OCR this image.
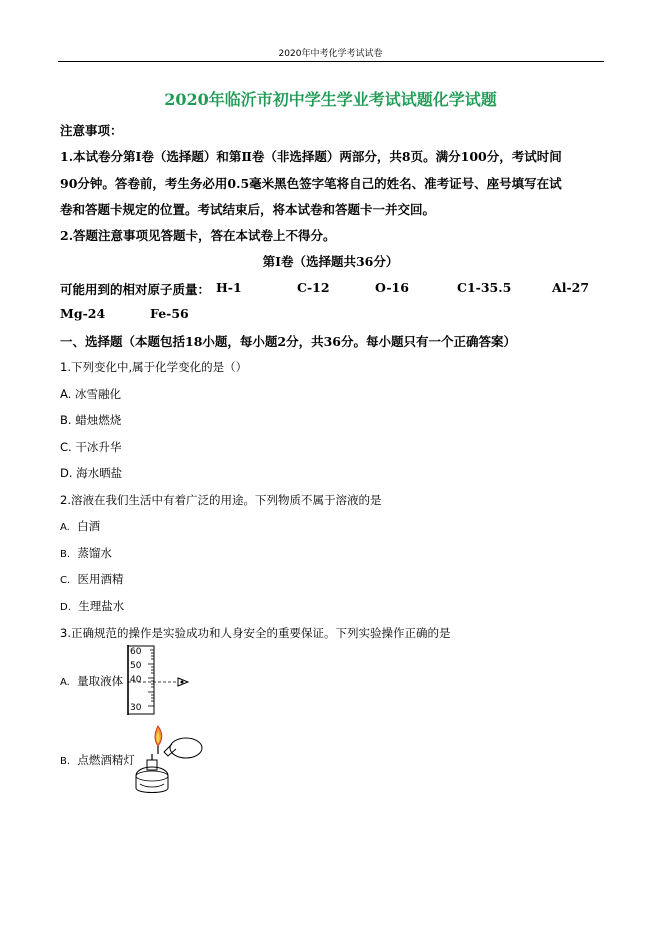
2020年中考化学考试试卷
2020年临沂市初中学生学业考试试题化学试题
注意事项：
1.本试卷分第Ⅰ卷（选择题）和第Ⅱ卷（非选择题）两部分，共8页。满分100分，考试时间
90分钟。答卷前，考生务必用0.5毫米黑色签字笔将自己的姓名、准考证号、座号填写在试
卷和答题卡规定的位置。考试结束后，将本试卷和答题卡一并交回。
2.答题注意事项见答题卡，答在本试卷上不得分。
第Ⅰ卷（选择题共36分）
可能用到的相对原子质量： H-1	C-12	O-16	C1-35.5	Al-27
Mg-24	Fe-56
一、选择题（本题包括18小题，每小题2分，共36分。每小题只有一个正确答案）
1.下列变化中,属于化学变化的是（）
A. 冰雪融化
B. 蜡烛燃烧
C. 干冰升华
D. 海水晒盐
2.溶液在我们生活中有着广泛的用途。下列物质不属于溶液的是
A. 白酒
B. 蒸馏水
C. 医用酒精
D. 生理盐水
3.正确规范的操作是实验成功和人身安全的重要保证。下列实验操作正确的是
A. 量取液体
60
50
40
30
B. 点燃酒精灯
